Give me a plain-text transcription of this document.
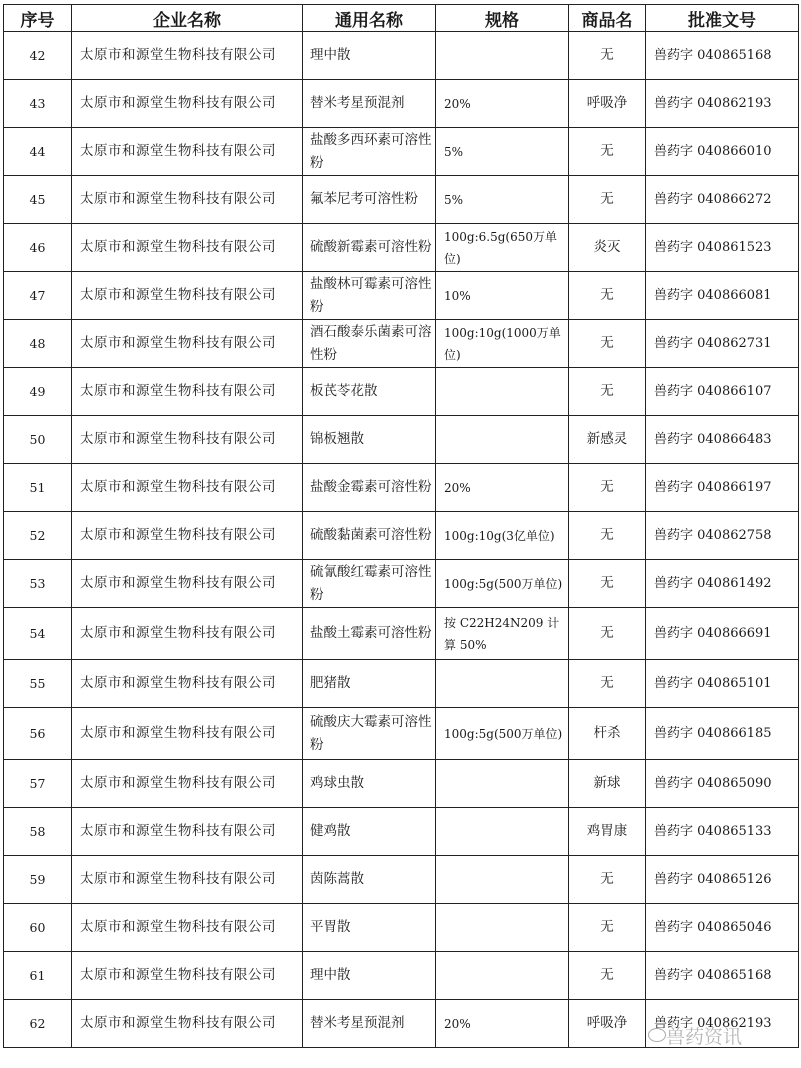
序号	企业名称	通用名称	规格	商品名	批准文号
42	太原市和源堂生物科技有限公司	理中散		无	兽药字 040865168
43	太原市和源堂生物科技有限公司	替米考星预混剂	20%	呼吸净	兽药字 040862193
44	太原市和源堂生物科技有限公司	盐酸多西环素可溶性粉	5%	无	兽药字 040866010
45	太原市和源堂生物科技有限公司	氟苯尼考可溶性粉	5%	无	兽药字 040866272
46	太原市和源堂生物科技有限公司	硫酸新霉素可溶性粉	100g:6.5g(650万单位)	炎灭	兽药字 040861523
47	太原市和源堂生物科技有限公司	盐酸林可霉素可溶性粉	10%	无	兽药字 040866081
48	太原市和源堂生物科技有限公司	酒石酸泰乐菌素可溶性粉	100g:10g(1000万单位)	无	兽药字 040862731
49	太原市和源堂生物科技有限公司	板芪苓花散		无	兽药字 040866107
50	太原市和源堂生物科技有限公司	锦板翘散		新感灵	兽药字 040866483
51	太原市和源堂生物科技有限公司	盐酸金霉素可溶性粉	20%	无	兽药字 040866197
52	太原市和源堂生物科技有限公司	硫酸黏菌素可溶性粉	100g:10g(3亿单位)	无	兽药字 040862758
53	太原市和源堂生物科技有限公司	硫氰酸红霉素可溶性粉	100g:5g(500万单位)	无	兽药字 040861492
54	太原市和源堂生物科技有限公司	盐酸土霉素可溶性粉	按 C22H24N209 计算 50%	无	兽药字 040866691
55	太原市和源堂生物科技有限公司	肥猪散		无	兽药字 040865101
56	太原市和源堂生物科技有限公司	硫酸庆大霉素可溶性粉	100g:5g(500万单位)	杆杀	兽药字 040866185
57	太原市和源堂生物科技有限公司	鸡球虫散		新球	兽药字 040865090
58	太原市和源堂生物科技有限公司	健鸡散		鸡胃康	兽药字 040865133
59	太原市和源堂生物科技有限公司	茵陈蒿散		无	兽药字 040865126
60	太原市和源堂生物科技有限公司	平胃散		无	兽药字 040865046
61	太原市和源堂生物科技有限公司	理中散		无	兽药字 040865168
62	太原市和源堂生物科技有限公司	替米考星预混剂	20%	呼吸净	兽药字 040862193
兽药资讯
